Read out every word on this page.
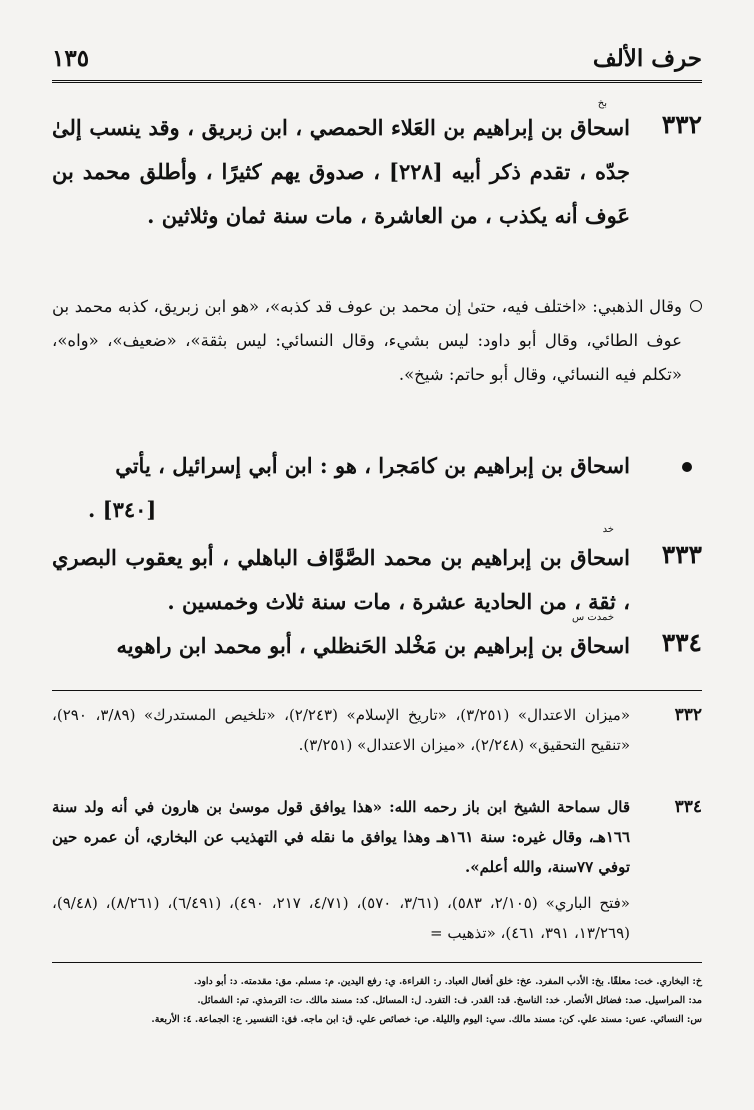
حرف الألف
١٣٥
بخ
٣٣٢
اسحاق بن إبراهيم بن العَلاء الحمصي ، ابن زبريق ، وقد ينسب إلىٰ جدّه ، تقدم ذكر أبيه [٢٢٨] ، صدوق يهم كثيرًا ، وأطلق محمد بن عَوف أنه يكذب ، من العاشرة ، مات سنة ثمان وثلاثين .
وقال الذهبي: «اختلف فيه، حتىٰ إن محمد بن عوف قد كذبه»، «هو ابن زبريق، كذبه محمد بن عوف الطائي، وقال أبو داود: ليس بشيء، وقال النسائي: ليس بثقة»، «ضعيف»، «واه»، «تكلم فيه النسائي، وقال أبو حاتم: شيخ».
اسحاق بن إبراهيم بن كامَجرا ، هو : ابن أبي إسرائيل ، يأتي
[٣٤٠] .
خد
٣٣٣
اسحاق بن إبراهيم بن محمد الصَّوَّاف الباهلي ، أبو يعقوب البصري ، ثقة ، من الحادية عشرة ، مات سنة ثلاث وخمسين .
خمدت س
٣٣٤
اسحاق بن إبراهيم بن مَخْلد الحَنظلي ، أبو محمد ابن راهويه
٣٣٢
«ميزان الاعتدال» (٣/٢٥١)، «تاريخ الإسلام» (٢/٢٤٣)، «تلخيص المستدرك» (٣/٨٩، ٢٩٠)، «تنقيح التحقيق» (٢/٢٤٨)، «ميزان الاعتدال» (٣/٢٥١).
٣٣٤
قال سماحة الشيخ ابن باز رحمه الله: «هذا يوافق قول موسىٰ بن هارون في أنه ولد سنة ١٦٦هـ، وقال غيره: سنة ١٦١هـ وهذا يوافق ما نقله في التهذيب عن البخاري، أن عمره حين توفي ٧٧سنة، والله أعلم».
«فتح الباري» (٢/١٠٥، ٥٨٣)، (٣/٦١، ٥٧٠)، (٤/٧١، ٢١٧، ٤٩٠)، (٦/٤٩١)، (٨/٢٦١)، (٩/٤٨)، (١٣/٢٦٩، ٣٩١، ٤٦١)، «تذهيب =
خ: البخاري. خت: معلقًا. بخ: الأدب المفرد. عخ: خلق أفعال العباد. ر: القراءة. ي: رفع اليدين. م: مسلم. مق: مقدمته. د: أبو داود.
مد: المراسيل. صد: فضائل الأنصار. خد: الناسخ. قد: القدر. ف: التفرد. ل: المسائل. كد: مسند مالك. ت: الترمذي. تم: الشمائل.
س: النسائي. عس: مسند علي. كن: مسند مالك. سي: اليوم والليلة. ص: خصائص علي. ق: ابن ماجه. فق: التفسير. ع: الجماعة. ٤: الأربعة.
